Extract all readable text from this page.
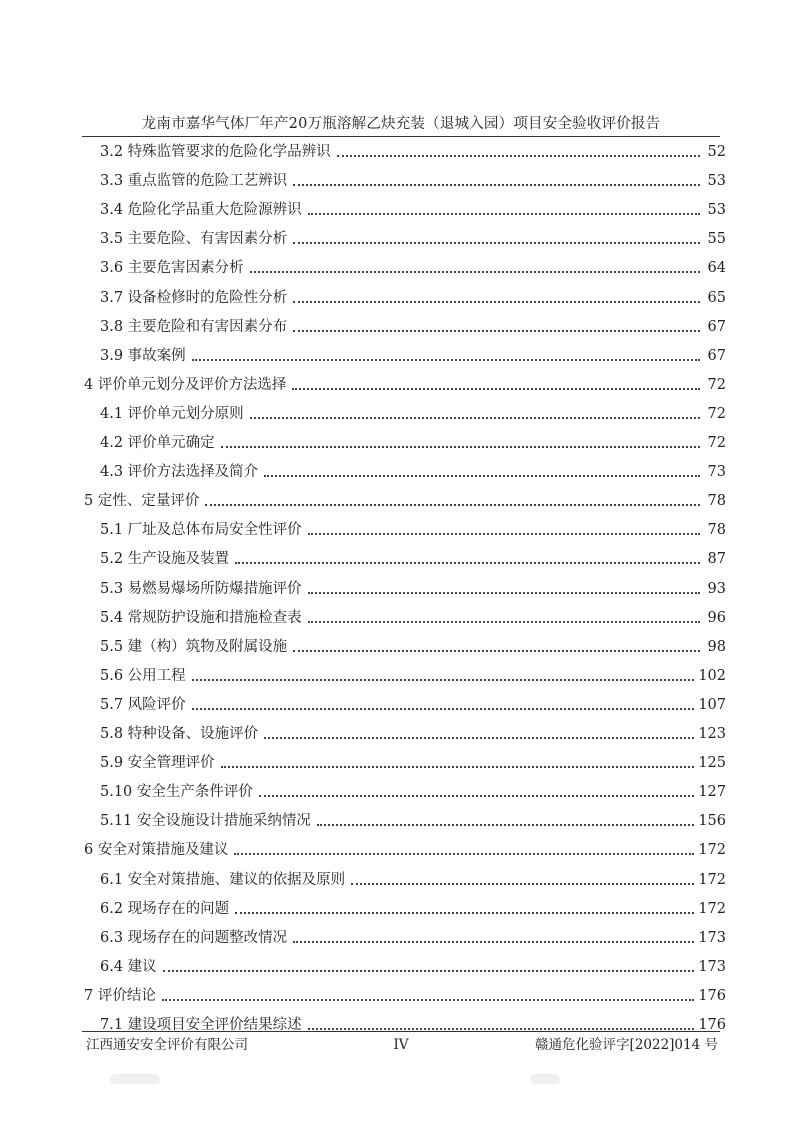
龙南市嘉华气体厂年产20万瓶溶解乙炔充装（退城入园）项目安全验收评价报告
3.2 特殊监管要求的危险化学品辨识	52
3.3 重点监管的危险工艺辨识	53
3.4 危险化学品重大危险源辨识	53
3.5 主要危险、有害因素分析	55
3.6 主要危害因素分析	64
3.7 设备检修时的危险性分析	65
3.8 主要危险和有害因素分布	67
3.9 事故案例	67
4 评价单元划分及评价方法选择	72
4.1 评价单元划分原则	72
4.2 评价单元确定	72
4.3 评价方法选择及简介	73
5 定性、定量评价	78
5.1 厂址及总体布局安全性评价	78
5.2 生产设施及装置	87
5.3 易燃易爆场所防爆措施评价	93
5.4 常规防护设施和措施检查表	96
5.5 建（构）筑物及附属设施	98
5.6 公用工程	102
5.7 风险评价	107
5.8 特种设备、设施评价	123
5.9 安全管理评价	125
5.10 安全生产条件评价	127
5.11 安全设施设计措施采纳情况	156
6 安全对策措施及建议	172
6.1 安全对策措施、建议的依据及原则	172
6.2 现场存在的问题	172
6.3 现场存在的问题整改情况	173
6.4 建议	173
7 评价结论	176
7.1 建设项目安全评价结果综述	176
江西通安安全评价有限公司	IV	赣通危化验评字[2022]014 号
